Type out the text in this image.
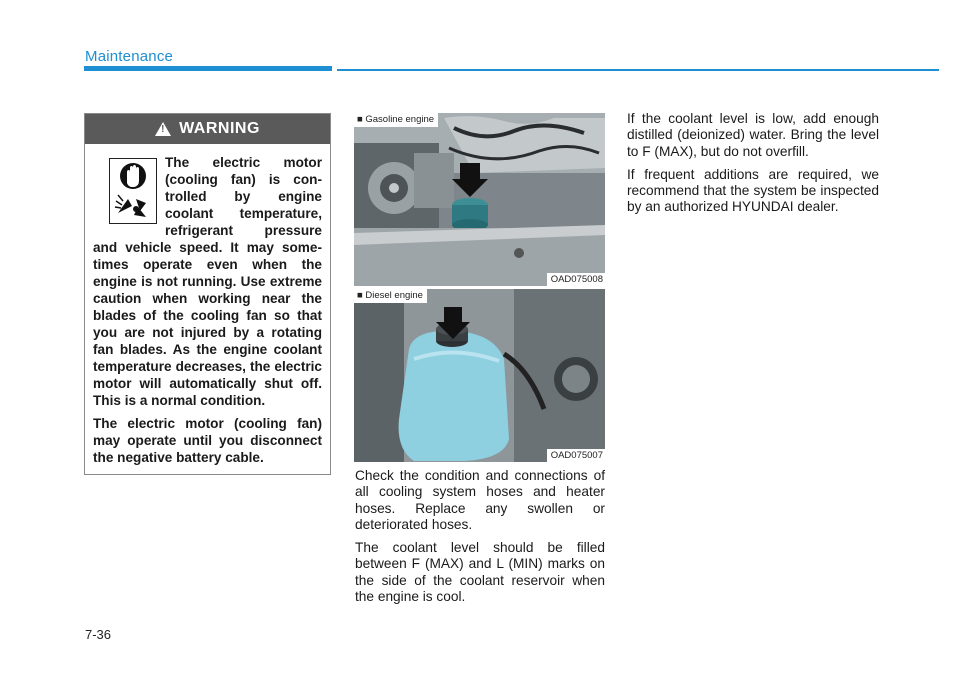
Maintenance
!
WARNING

The electric motor (cooling fan) is controlled by engine coolant temperature, refrigerant pressure and vehicle speed. It may sometimes operate even when the engine is not running. Use extreme caution when working near the blades of the cooling fan so that you are not injured by a rotating fan blades. As the engine coolant temperature decreases, the electric motor will automatically shut off. This is a normal condition.

The electric motor (cooling fan) may operate until you disconnect the negative battery cable.

■ Gasoline engine
OAD075008
■ Diesel engine
OAD075007

Check the condition and connections of all cooling system hoses and heater hoses. Replace any swollen or deteriorated hoses.

The coolant level should be filled between F (MAX) and L (MIN) marks on the side of the coolant reservoir when the engine is cool.

If the coolant level is low, add enough distilled (deionized) water. Bring the level to F (MAX), but do not overfill.

If frequent additions are required, we recommend that the system be inspected by an authorized HYUNDAI dealer.

7-36
